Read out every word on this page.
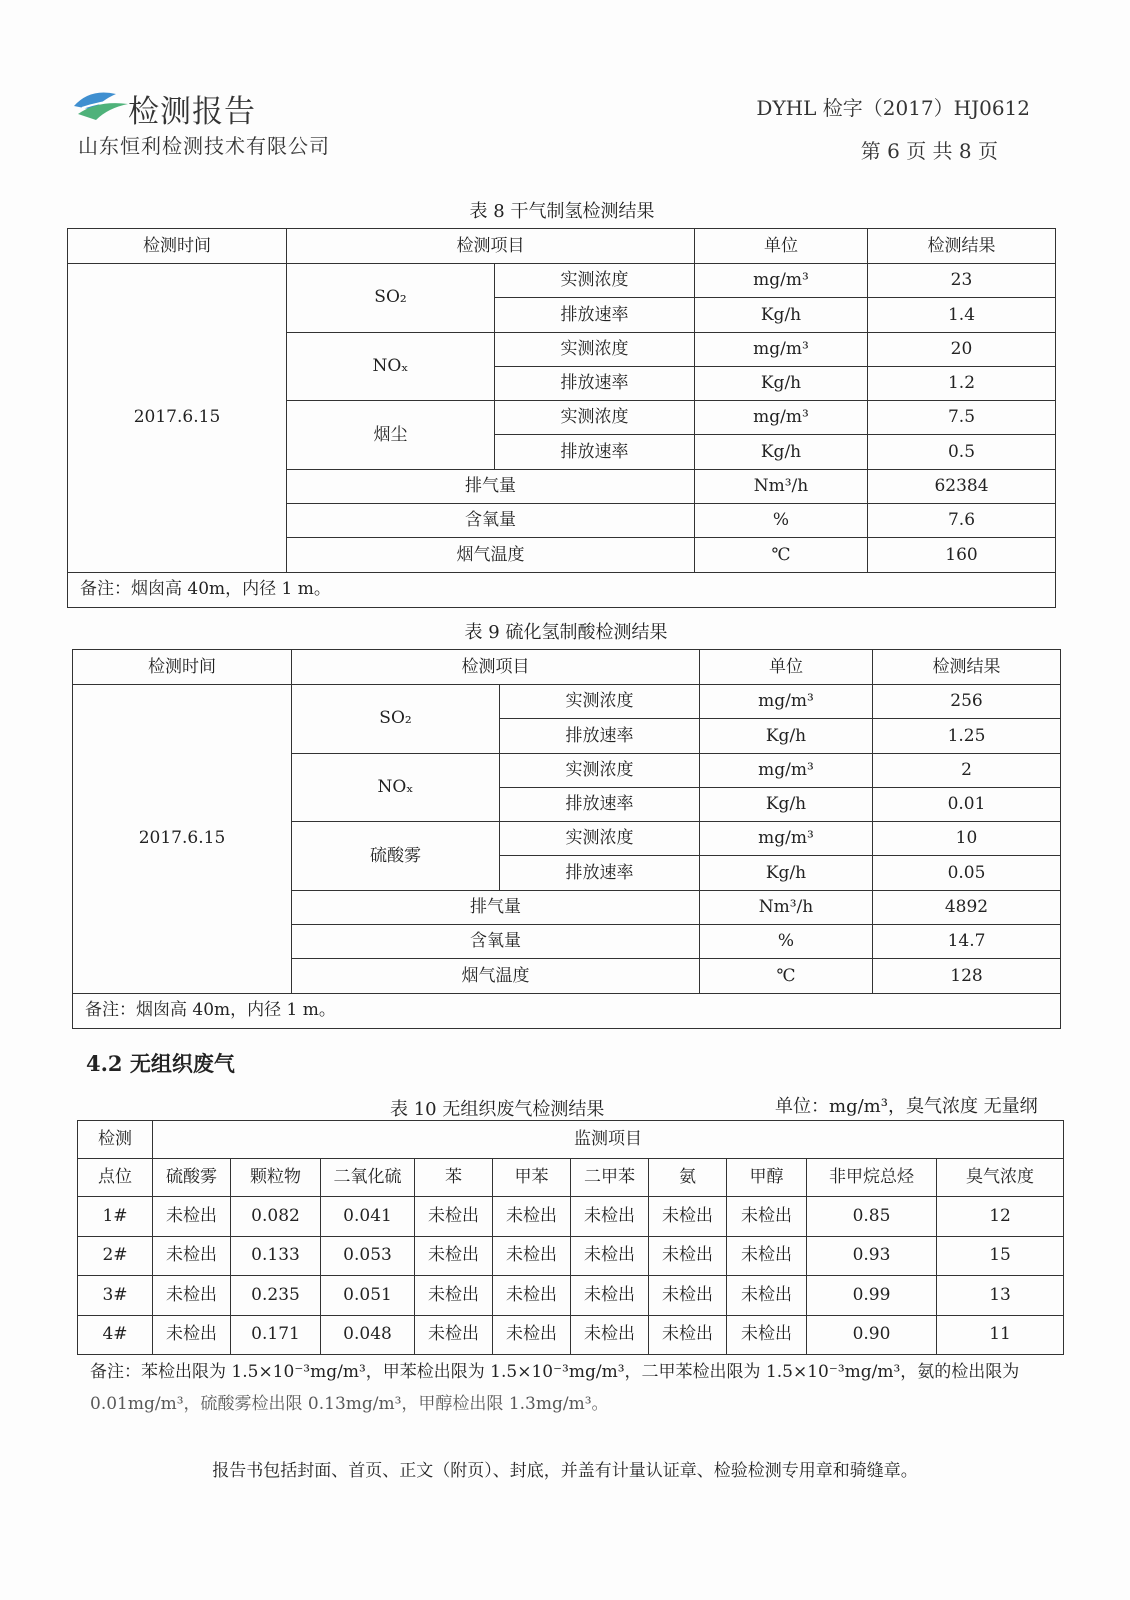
检测报告
山东恒利检测技术有限公司
DYHL 检字（2017）HJ0612
第 6 页 共 8 页
表 8 干气制氢检测结果
检测时间	检测项目		单位	检测结果
2017.6.15	SO₂	实测浓度	mg/m³	23
		排放速率	Kg/h	1.4
	NOₓ	实测浓度	mg/m³	20
		排放速率	Kg/h	1.2
	烟尘	实测浓度	mg/m³	7.5
		排放速率	Kg/h	0.5
	排气量		Nm³/h	62384
	含氧量		%	7.6
	烟气温度		℃	160
备注：烟囱高 40m，内径 1 m。				
表 9 硫化氢制酸检测结果
检测时间	检测项目		单位	检测结果
2017.6.15	SO₂	实测浓度	mg/m³	256
		排放速率	Kg/h	1.25
	NOₓ	实测浓度	mg/m³	2
		排放速率	Kg/h	0.01
	硫酸雾	实测浓度	mg/m³	10
		排放速率	Kg/h	0.05
	排气量		Nm³/h	4892
	含氧量		%	14.7
	烟气温度		℃	128
备注：烟囱高 40m，内径 1 m。				
4.2 无组织废气
表 10 无组织废气检测结果	单位：mg/m³，臭气浓度 无量纲
检测	监测项目									
点位	硫酸雾	颗粒物	二氧化硫	苯	甲苯	二甲苯	氨	甲醇	非甲烷总烃	臭气浓度
1#	未检出	0.082	0.041	未检出	未检出	未检出	未检出	未检出	0.85	12
2#	未检出	0.133	0.053	未检出	未检出	未检出	未检出	未检出	0.93	15
3#	未检出	0.235	0.051	未检出	未检出	未检出	未检出	未检出	0.99	13
4#	未检出	0.171	0.048	未检出	未检出	未检出	未检出	未检出	0.90	11
备注：苯检出限为 1.5×10⁻³mg/m³，甲苯检出限为 1.5×10⁻³mg/m³，二甲苯检出限为 1.5×10⁻³mg/m³，氨的检出限为
0.01mg/m³，硫酸雾检出限 0.13mg/m³，甲醇检出限 1.3mg/m³。
报告书包括封面、首页、正文（附页）、封底，并盖有计量认证章、检验检测专用章和骑缝章。
